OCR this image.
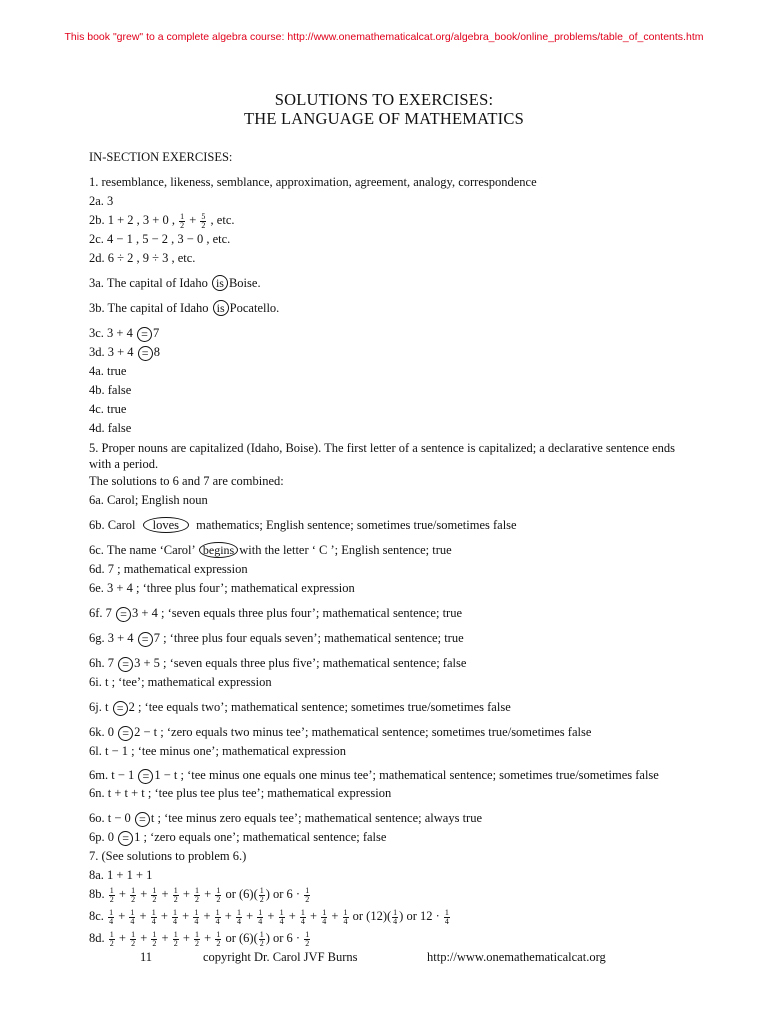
This book "grew" to a complete algebra course: http://www.onemathematicalcat.org/algebra_book/online_problems/table_of_contents.htm
SOLUTIONS TO EXERCISES:
THE LANGUAGE OF MATHEMATICS
IN-SECTION EXERCISES:
1. resemblance, likeness, semblance, approximation, agreement, analogy, correspondence
2a. 3
2b. 1 + 2 , 3 + 0 , $\frac{1}{2} + \frac{5}{2}$ , etc.
2c. 4 − 1 , 5 − 2 , 3 − 0 , etc.
2d. 6 ÷ 2 , 9 ÷ 3 , etc.
3a. The capital of Idaho is Boise.
3b. The capital of Idaho is Pocatello.
3c. 3 + 4 = 7
3d. 3 + 4 = 8
4a. true
4b. false
4c. true
4d. false
5. Proper nouns are capitalized (Idaho, Boise). The first letter of a sentence is capitalized; a declarative sentence ends with a period.
The solutions to 6 and 7 are combined:
6a. Carol; English noun
6b. Carol loves mathematics; English sentence; sometimes true/sometimes false
6c. The name ‘Carol’ begins with the letter ‘ C ’; English sentence; true
6d. 7 ; mathematical expression
6e. 3 + 4 ; ‘three plus four’; mathematical expression
6f. 7 = 3 + 4 ; ‘seven equals three plus four’; mathematical sentence; true
6g. 3 + 4 = 7 ; ‘three plus four equals seven’; mathematical sentence; true
6h. 7 = 3 + 5 ; ‘seven equals three plus five’; mathematical sentence; false
6i. t ; ‘tee’; mathematical expression
6j. t = 2 ; ‘tee equals two’; mathematical sentence; sometimes true/sometimes false
6k. 0 = 2 − t ; ‘zero equals two minus tee’; mathematical sentence; sometimes true/sometimes false
6l. t − 1 ; ‘tee minus one’; mathematical expression
6m. t − 1 = 1 − t ; ‘tee minus one equals one minus tee’; mathematical sentence; sometimes true/sometimes false
6n. t + t + t ; ‘tee plus tee plus tee’; mathematical expression
6o. t − 0 = t ; ‘tee minus zero equals tee’; mathematical sentence; always true
6p. 0 = 1 ; ‘zero equals one’; mathematical sentence; false
7. (See solutions to problem 6.)
8a. 1 + 1 + 1
8b. $\frac{1}{2} + \frac{1}{2} + \frac{1}{2} + \frac{1}{2} + \frac{1}{2} + \frac{1}{2}$ or $(6)( \frac{1}{2}$ ) or $6 \cdot \frac{1}{2}$
8c. $\frac{1}{4} + \frac{1}{4} + \frac{1}{4} + \frac{1}{4} + \frac{1}{4} + \frac{1}{4} + \frac{1}{4} + \frac{1}{4} + \frac{1}{4} + \frac{1}{4} + \frac{1}{4} + \frac{1}{4}$ or $(12)( \frac{1}{4}$ ) or $12 \cdot \frac{1}{4}$
8d. $\frac{1}{2} + \frac{1}{2} + \frac{1}{2} + \frac{1}{2} + \frac{1}{2} + \frac{1}{2}$ or $(6)( \frac{1}{2}$ ) or $6 \cdot \frac{1}{2}$
11	copyright Dr. Carol JVF Burns	http://www.onemathematicalcat.org
